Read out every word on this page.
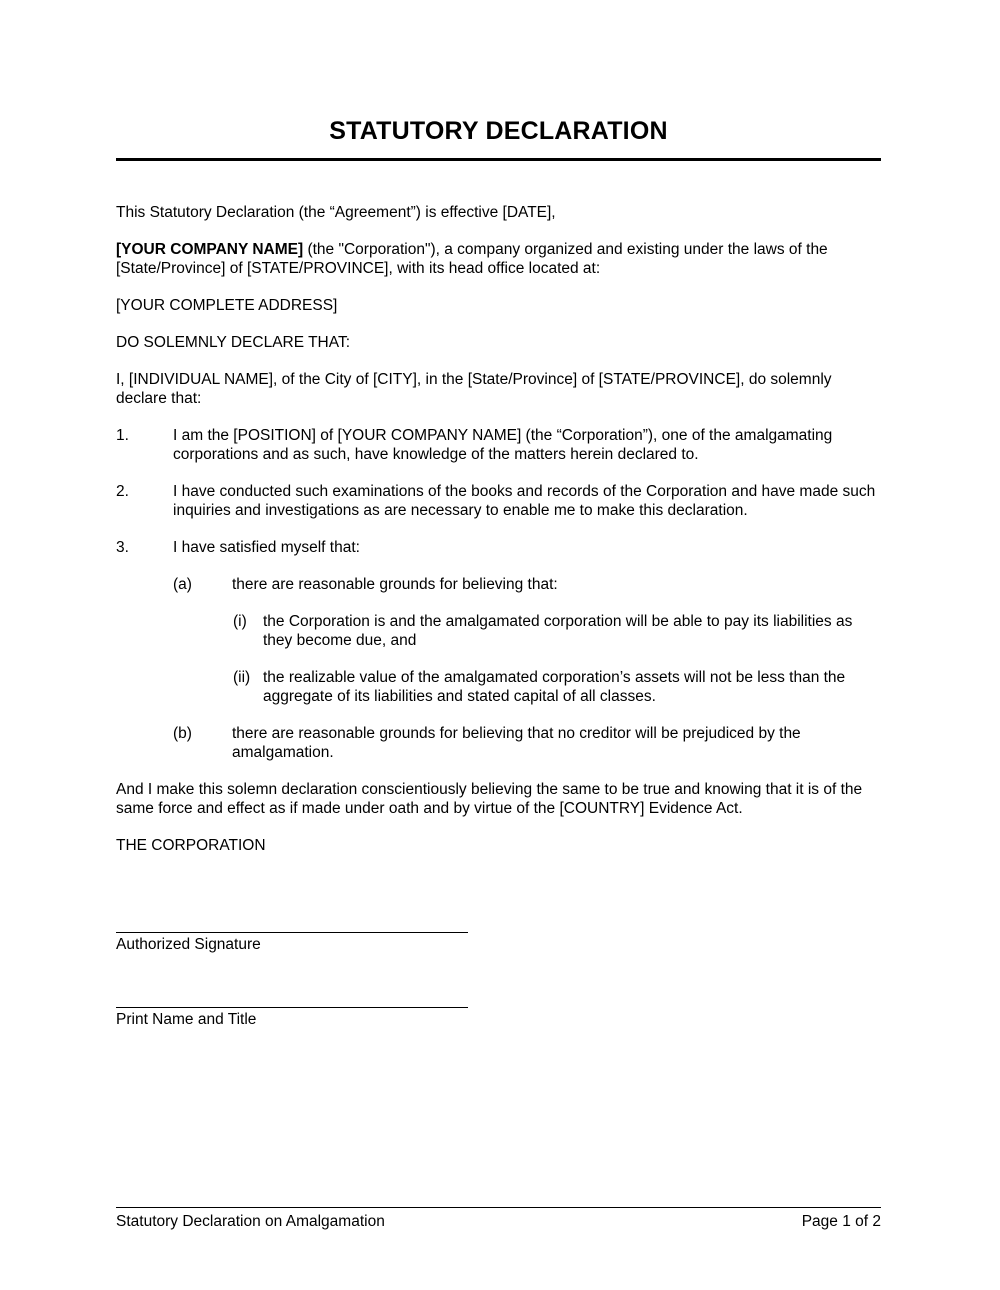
STATUTORY DECLARATION

This Statutory Declaration (the “Agreement”) is effective [DATE],

[YOUR COMPANY NAME] (the "Corporation"), a company organized and existing under the laws of the [State/Province] of [STATE/PROVINCE], with its head office located at:

[YOUR COMPLETE ADDRESS]

DO SOLEMNLY DECLARE THAT:

I, [INDIVIDUAL NAME], of the City of [CITY], in the [State/Province] of [STATE/PROVINCE], do solemnly declare that:

1.	I am the [POSITION] of [YOUR COMPANY NAME] (the “Corporation”), one of the amalgamating corporations and as such, have knowledge of the matters herein declared to.
2.	I have conducted such examinations of the books and records of the Corporation and have made such inquiries and investigations as are necessary to enable me to make this declaration.
3.	I have satisfied myself that:
(a)	there are reasonable grounds for believing that:
(i)	the Corporation is and the amalgamated corporation will be able to pay its liabilities as they become due, and
(ii) the realizable value of the amalgamated corporation’s assets will not be less than the aggregate of its liabilities and stated capital of all classes.
(b)	there are reasonable grounds for believing that no creditor will be prejudiced by the amalgamation.

And I make this solemn declaration conscientiously believing the same to be true and knowing that it is of the same force and effect as if made under oath and by virtue of the [COUNTRY] Evidence Act.

THE CORPORATION

Authorized Signature
Print Name and Title
Statutory Declaration on Amalgamation	Page 1 of 2
